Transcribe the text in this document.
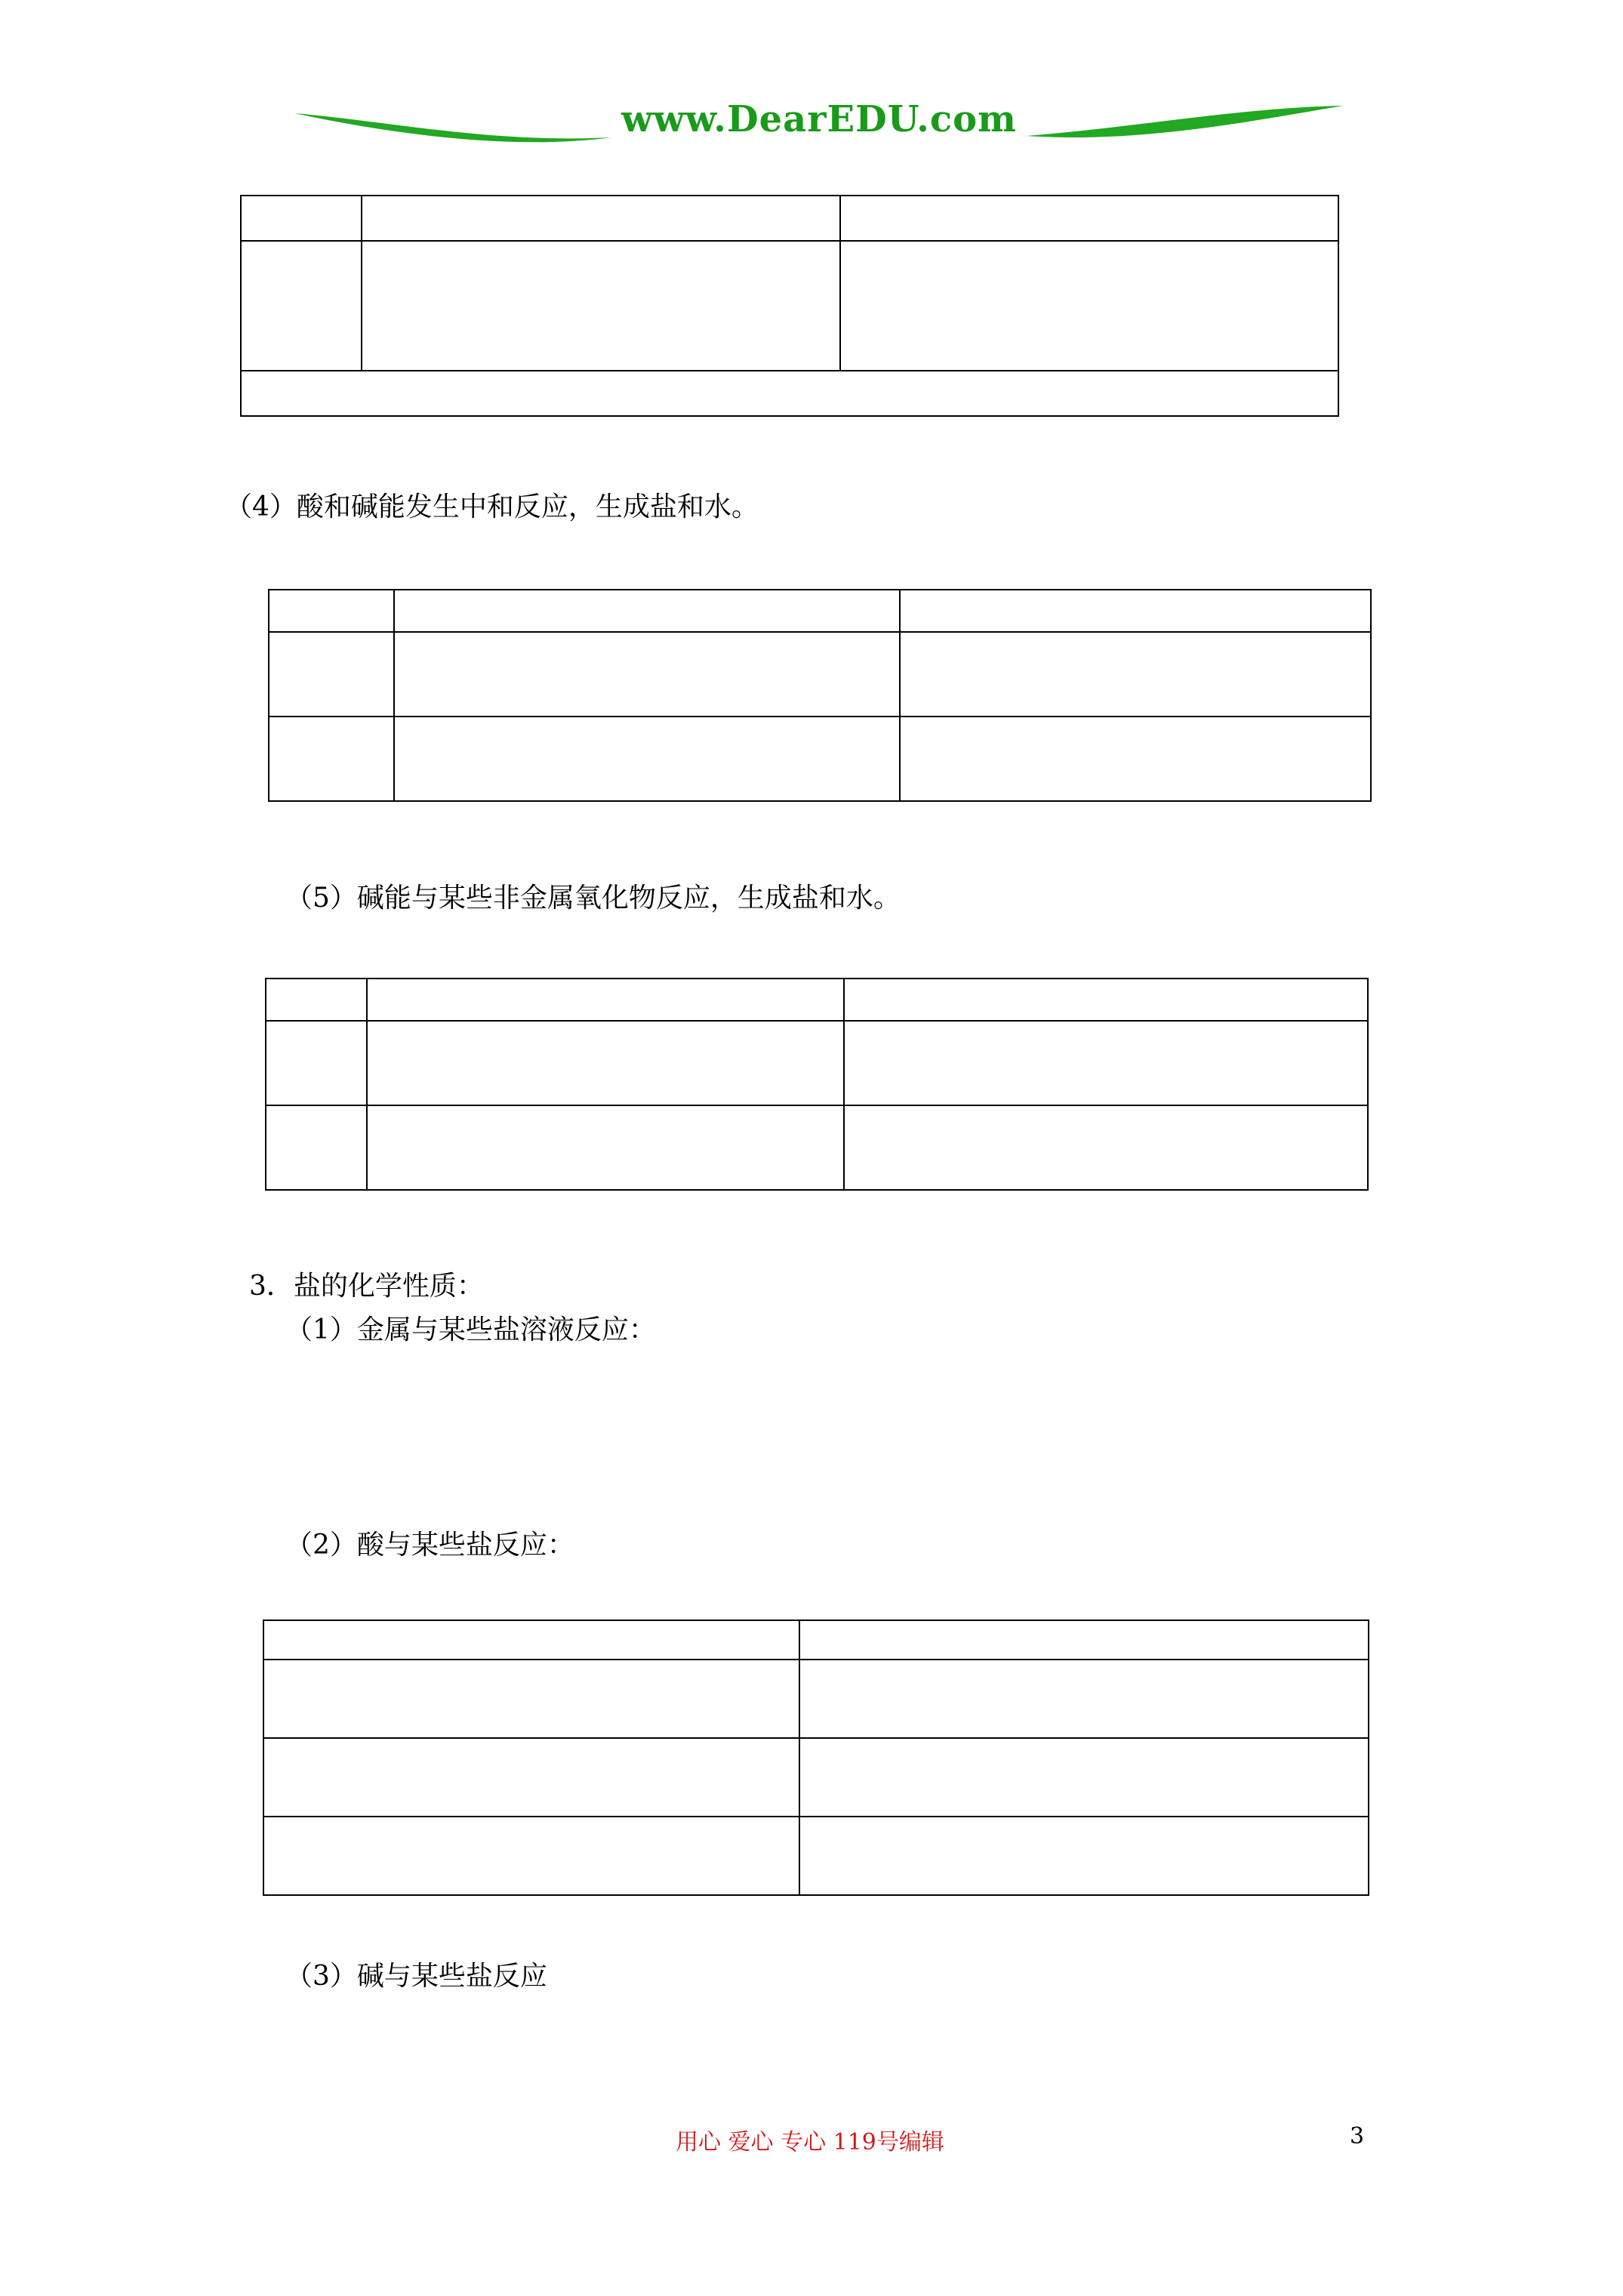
www.DearEDU.com

（4）酸和碱能发生中和反应，生成盐和水。

（5）碱能与某些非金属氧化物反应，生成盐和水。

3．盐的化学性质：
（1）金属与某些盐溶液反应：
（2）酸与某些盐反应：

（3）碱与某些盐反应
用心 爱心 专心 119号编辑	3
